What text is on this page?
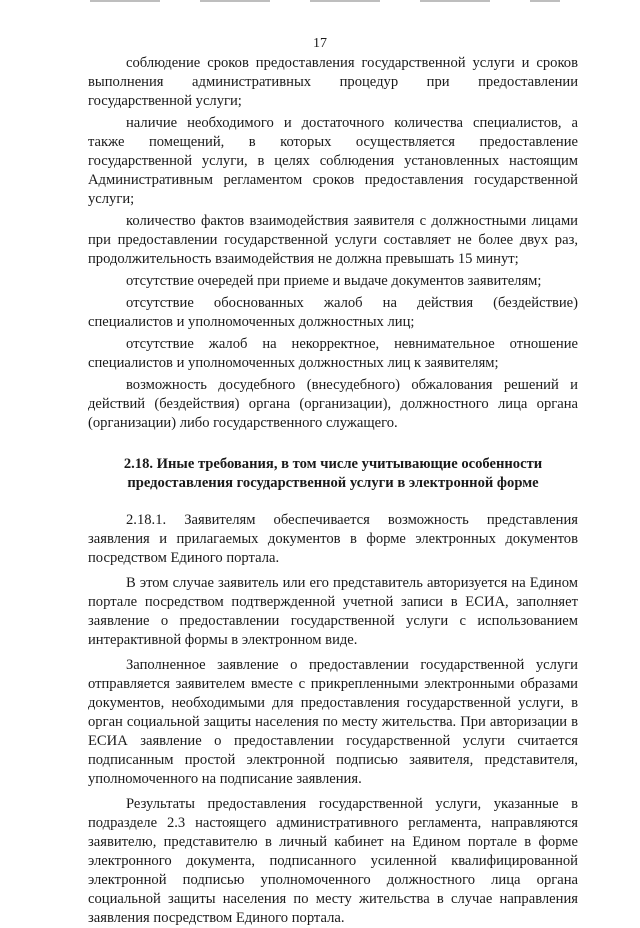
17

соблюдение сроков предоставления государственной услуги и сроков выполнения административных процедур при предоставлении государственной услуги;

наличие необходимого и достаточного количества специалистов, а также помещений, в которых осуществляется предоставление государственной услуги, в целях соблюдения установленных настоящим Административным регламентом сроков предоставления государственной услуги;

количество фактов взаимодействия заявителя с должностными лицами при предоставлении государственной услуги составляет не более двух раз, продолжительность взаимодействия не должна превышать 15 минут;

отсутствие очередей при приеме и выдаче документов заявителям;

отсутствие обоснованных жалоб на действия (бездействие) специалистов и уполномоченных должностных лиц;

отсутствие жалоб на некорректное, невнимательное отношение специалистов и уполномоченных должностных лиц к заявителям;

возможность досудебного (внесудебного) обжалования решений и действий (бездействия) органа (организации), должностного лица органа (организации) либо государственного служащего.

2.18. Иные требования, в том числе учитывающие особенности
предоставления государственной услуги в электронной форме

2.18.1. Заявителям обеспечивается возможность представления заявления и прилагаемых документов в форме электронных документов посредством Единого портала.

В этом случае заявитель или его представитель авторизуется на Едином портале посредством подтвержденной учетной записи в ЕСИА, заполняет заявление о предоставлении государственной услуги с использованием интерактивной формы в электронном виде.

Заполненное заявление о предоставлении государственной услуги отправляется заявителем вместе с прикрепленными электронными образами документов, необходимыми для предоставления государственной услуги, в орган социальной защиты населения по месту жительства. При авторизации в ЕСИА заявление о предоставлении государственной услуги считается подписанным простой электронной подписью заявителя, представителя, уполномоченного на подписание заявления.

Результаты предоставления государственной услуги, указанные в подразделе 2.3 настоящего административного регламента, направляются заявителю, представителю в личный кабинет на Едином портале в форме электронного документа, подписанного усиленной квалифицированной электронной подписью уполномоченного должностного лица органа социальной защиты населения по месту жительства в случае направления заявления посредством Единого портала.
